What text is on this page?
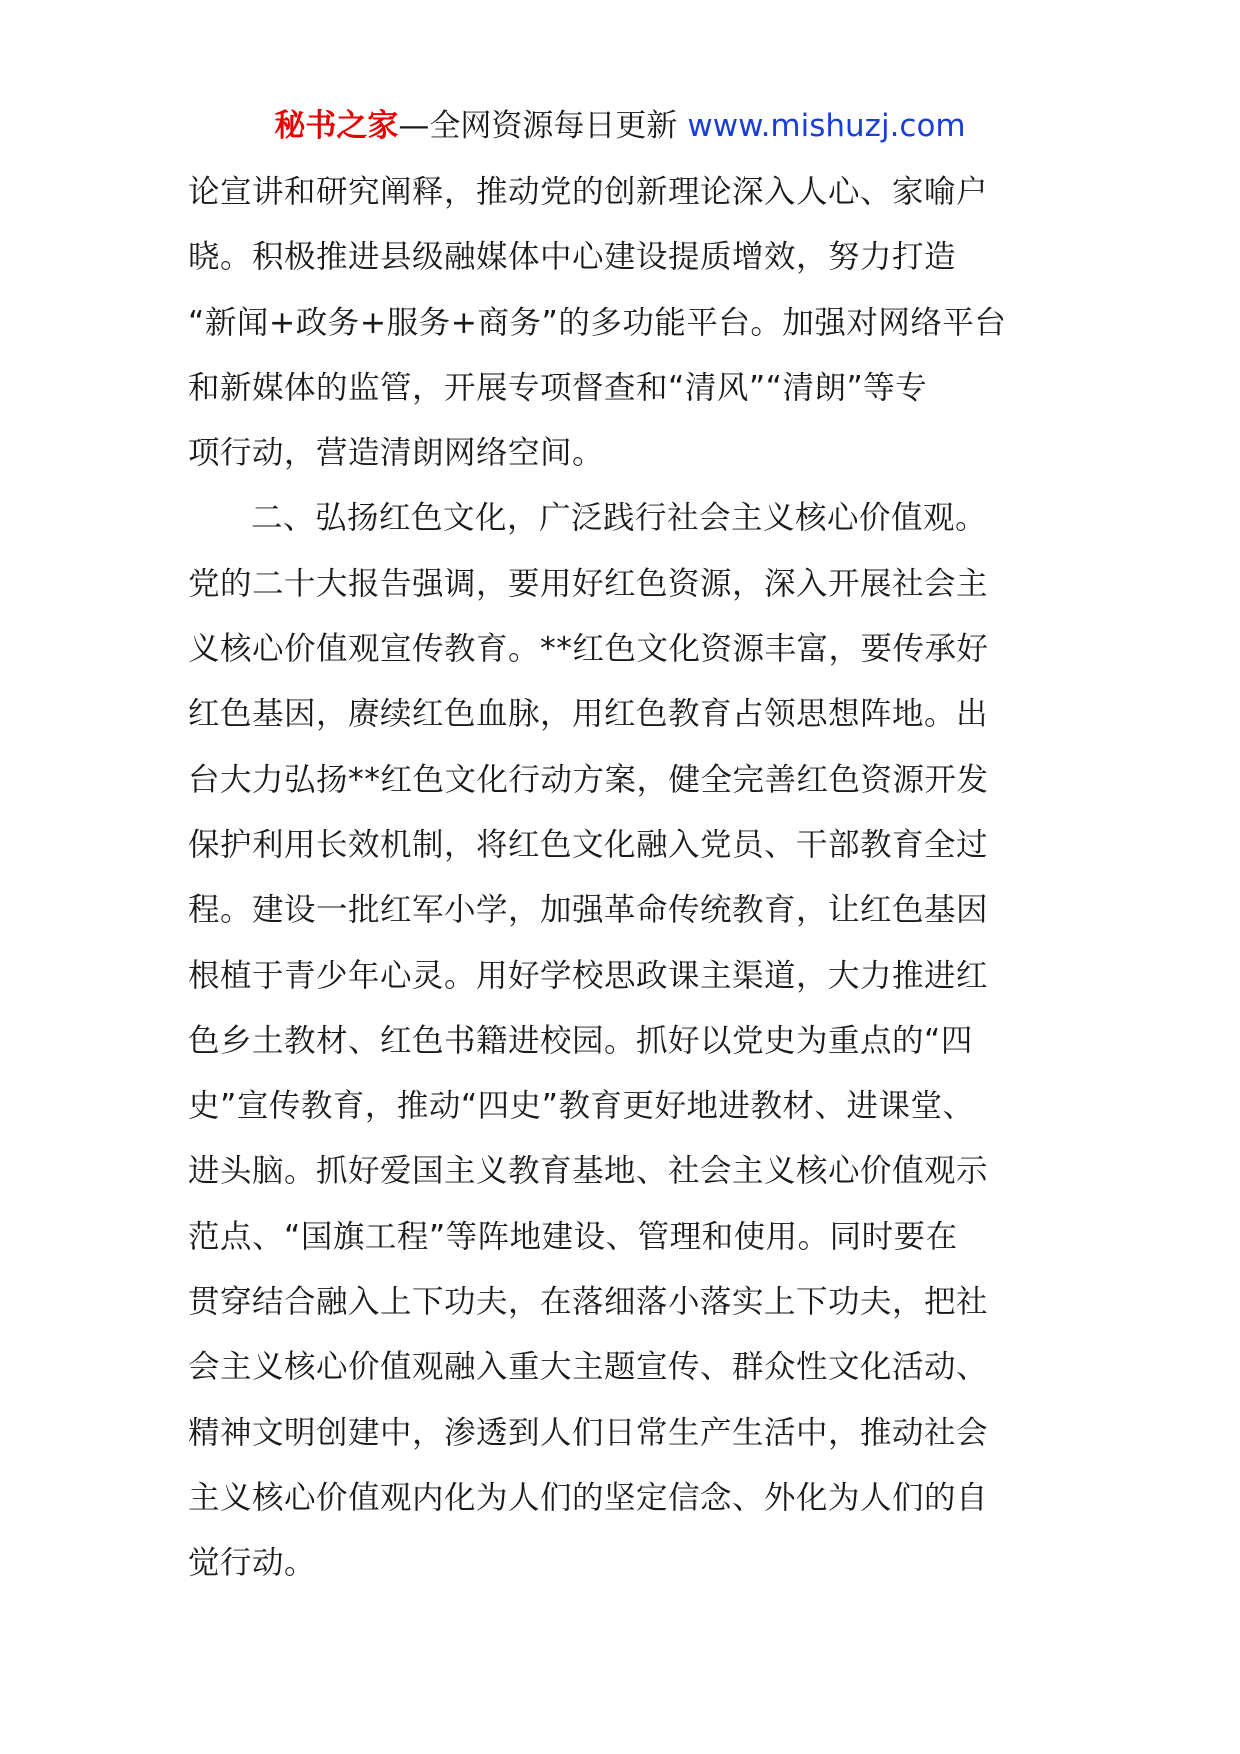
秘书之家—全网资源每日更新 www.mishuzj.com
论宣讲和研究阐释，推动党的创新理论深入人心、家喻户
晓。积极推进县级融媒体中心建设提质增效，努力打造
“新闻+政务+服务+商务”的多功能平台。加强对网络平台
和新媒体的监管，开展专项督查和“清风”“清朗”等专
项行动，营造清朗网络空间。
二、弘扬红色文化，广泛践行社会主义核心价值观。
党的二十大报告强调，要用好红色资源，深入开展社会主
义核心价值观宣传教育。**红色文化资源丰富，要传承好
红色基因，赓续红色血脉，用红色教育占领思想阵地。出
台大力弘扬**红色文化行动方案，健全完善红色资源开发
保护利用长效机制，将红色文化融入党员、干部教育全过
程。建设一批红军小学，加强革命传统教育，让红色基因
根植于青少年心灵。用好学校思政课主渠道，大力推进红
色乡土教材、红色书籍进校园。抓好以党史为重点的“四
史”宣传教育，推动“四史”教育更好地进教材、进课堂、
进头脑。抓好爱国主义教育基地、社会主义核心价值观示
范点、“国旗工程”等阵地建设、管理和使用。同时要在
贯穿结合融入上下功夫，在落细落小落实上下功夫，把社
会主义核心价值观融入重大主题宣传、群众性文化活动、
精神文明创建中，渗透到人们日常生产生活中，推动社会
主义核心价值观内化为人们的坚定信念、外化为人们的自
觉行动。
